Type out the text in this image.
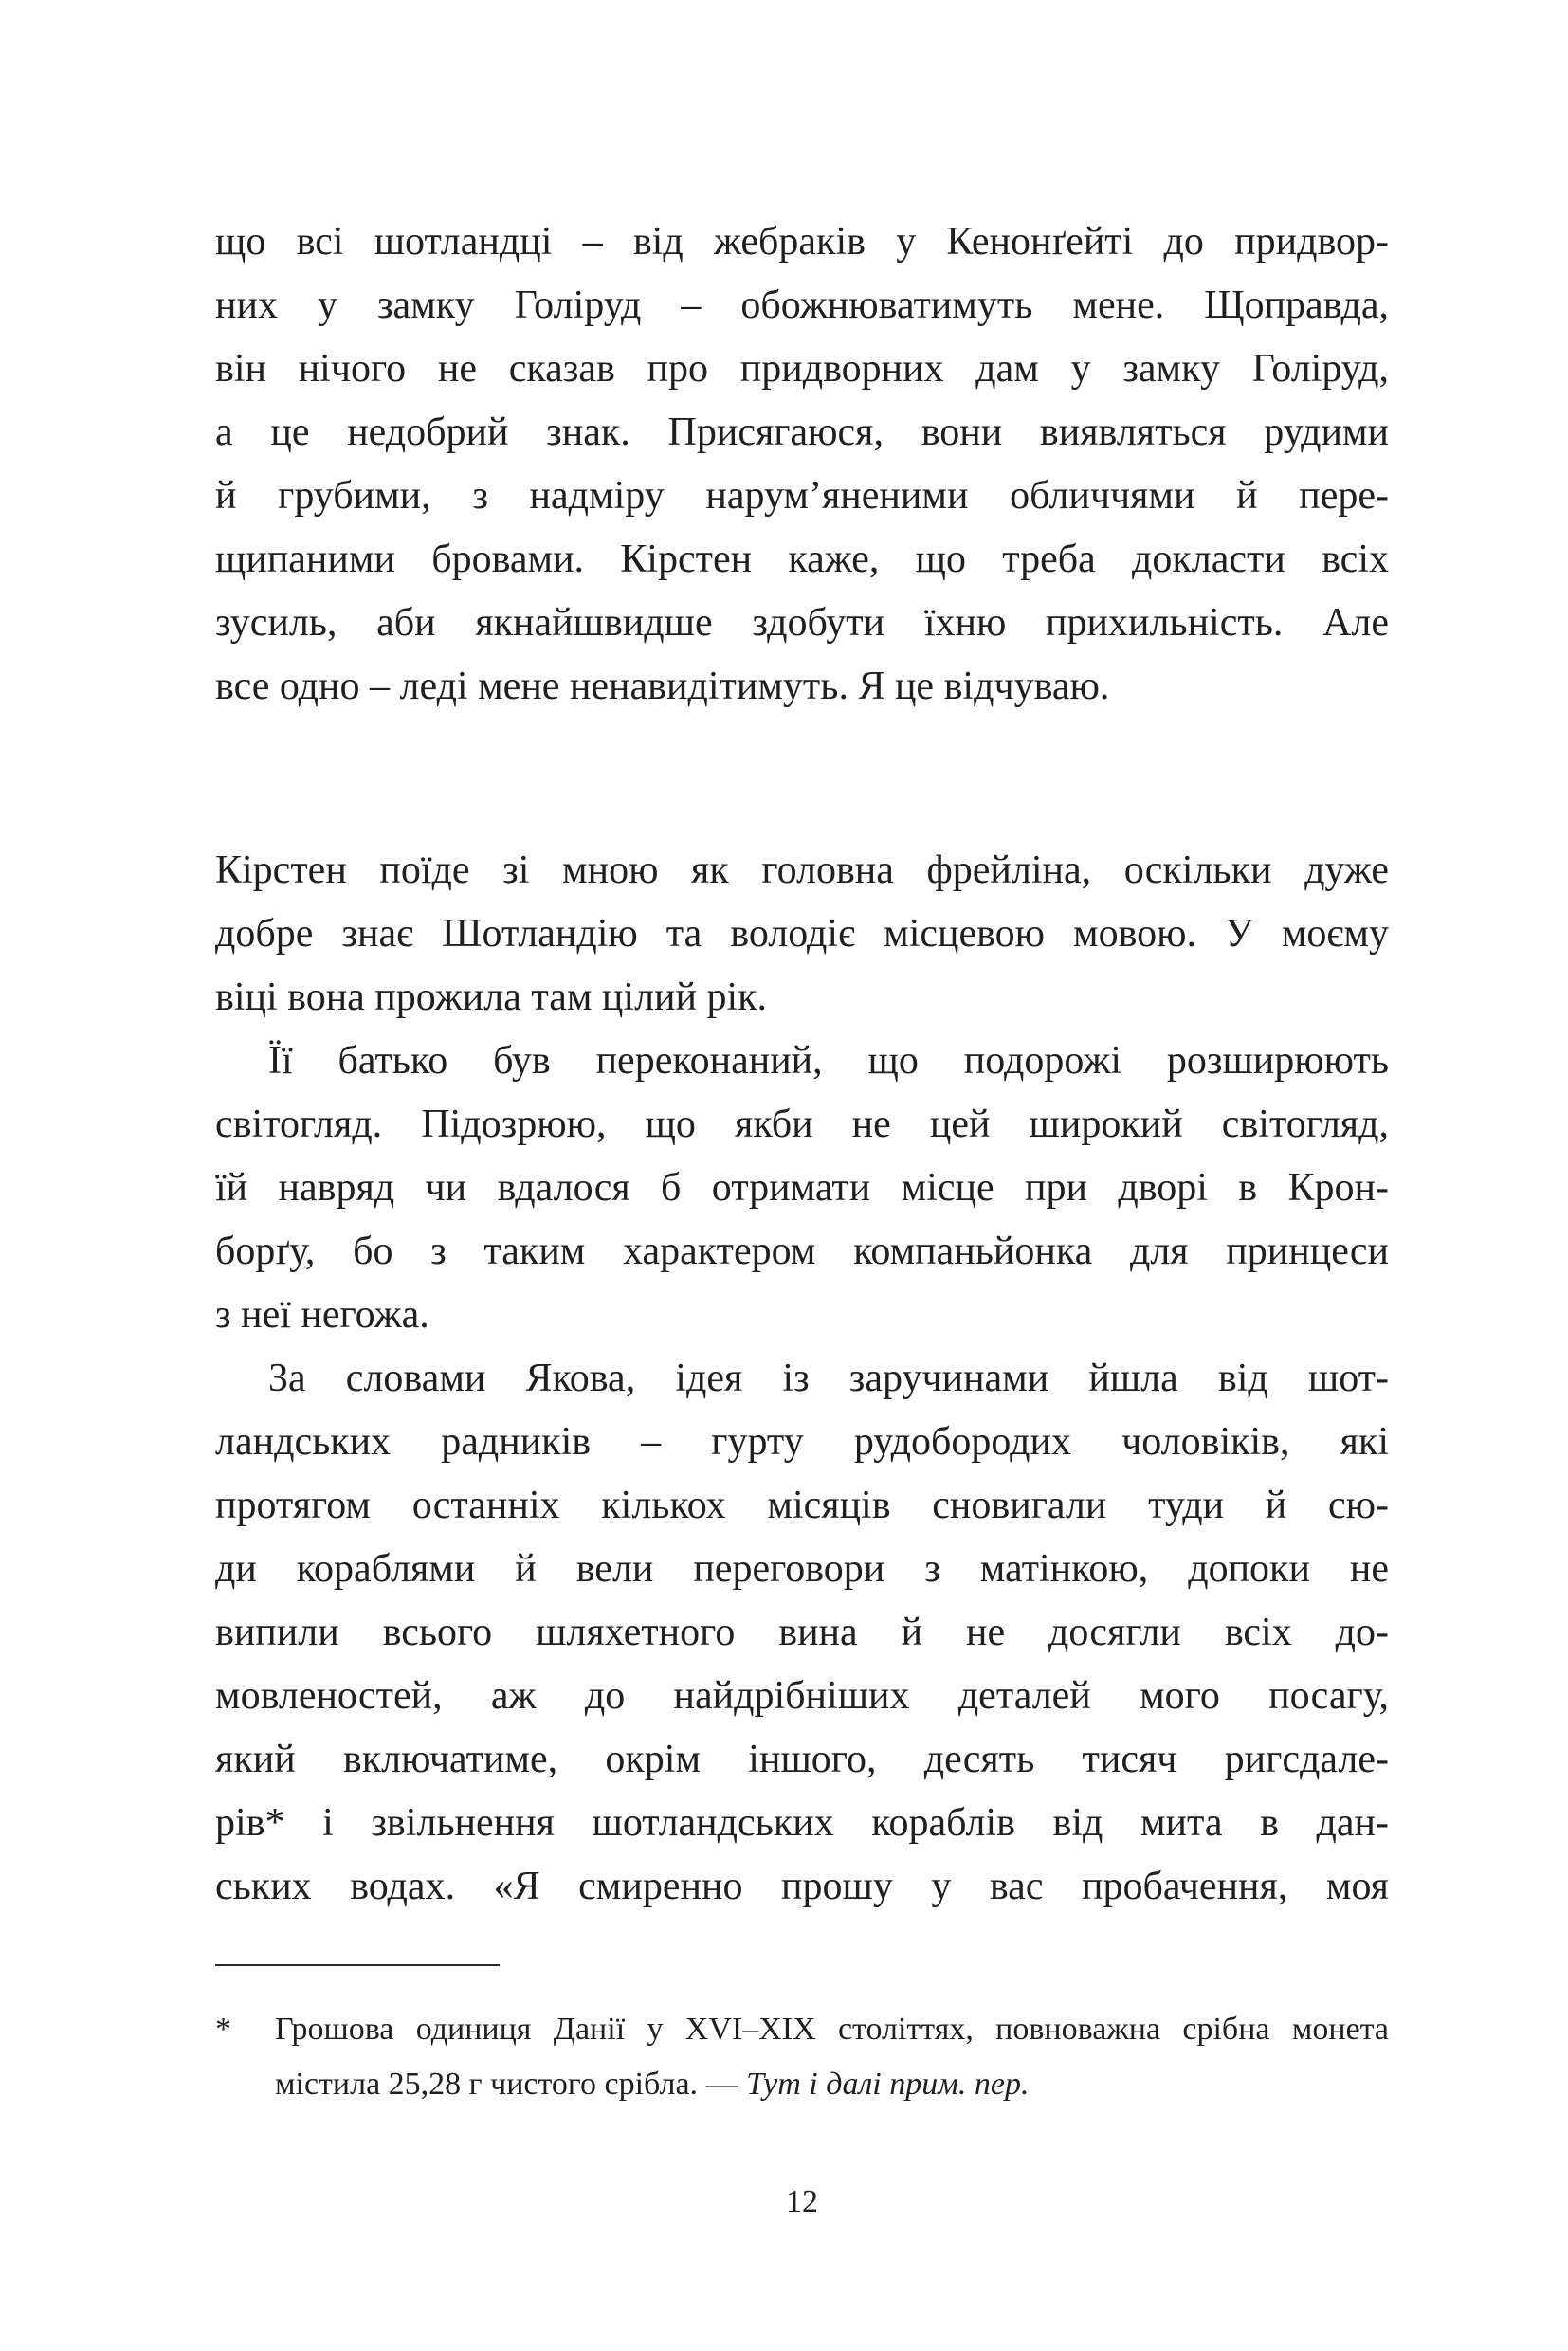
що всі шотландці – від жебраків у Кенонґейті до придвор-
них у замку Голіруд – обожнюватимуть мене. Щоправда,
він нічого не сказав про придворних дам у замку Голіруд,
а це недобрий знак. Присягаюся, вони виявляться рудими
й грубими, з надміру нарум’яненими обличчями й пере-
щипаними бровами. Кірстен каже, що треба докласти всіх
зусиль, аби якнайшвидше здобути їхню прихильність. Але
все одно – леді мене ненавидітимуть. Я це відчуваю.
Кірстен поїде зі мною як головна фрейліна, оскільки дуже
добре знає Шотландію та володіє місцевою мовою. У моєму
віці вона прожила там цілий рік.
Її батько був переконаний, що подорожі розширюють
світогляд. Підозрюю, що якби не цей широкий світогляд,
їй навряд чи вдалося б отримати місце при дворі в Крон-
борґу, бо з таким характером компаньйонка для принцеси
з неї негожа.
За словами Якова, ідея із заручинами йшла від шот-
ландських радників – гурту рудобородих чоловіків, які
протягом останніх кількох місяців сновигали туди й сю-
ди кораблями й вели переговори з матінкою, допоки не
випили всього шляхетного вина й не досягли всіх до-
мовленостей, аж до найдрібніших деталей мого посагу,
який включатиме, окрім іншого, десять тисяч ригсдале-
рів* і звільнення шотландських кораблів від мита в дан-
ських водах. «Я смиренно прошу у вас пробачення, моя
*	Грошова одиниця Данії у XVI–XIX століттях, повноважна срібна монета
містила 25,28 г чистого срібла. — Тут і далі прим. пер.
12
